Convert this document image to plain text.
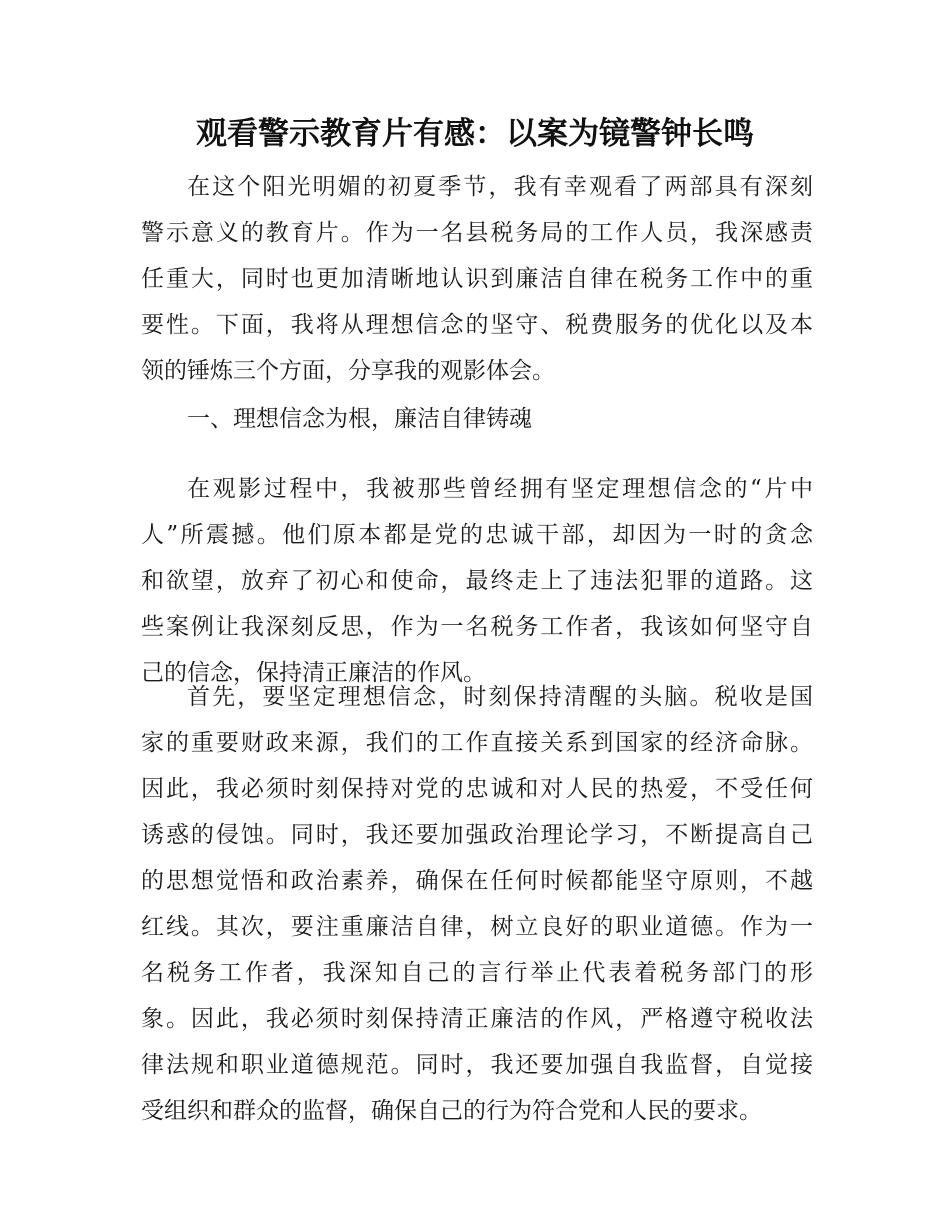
观看警示教育片有感：以案为镜警钟长鸣
在这个阳光明媚的初夏季节，我有幸观看了两部具有深刻
警示意义的教育片。作为一名县税务局的工作人员，我深感责
任重大，同时也更加清晰地认识到廉洁自律在税务工作中的重
要性。下面，我将从理想信念的坚守、税费服务的优化以及本
领的锤炼三个方面，分享我的观影体会。
一、理想信念为根，廉洁自律铸魂
在观影过程中，我被那些曾经拥有坚定理想信念的“片中
人”所震撼。他们原本都是党的忠诚干部，却因为一时的贪念
和欲望，放弃了初心和使命，最终走上了违法犯罪的道路。这
些案例让我深刻反思，作为一名税务工作者，我该如何坚守自
己的信念，保持清正廉洁的作风。
首先，要坚定理想信念，时刻保持清醒的头脑。税收是国
家的重要财政来源，我们的工作直接关系到国家的经济命脉。
因此，我必须时刻保持对党的忠诚和对人民的热爱，不受任何
诱惑的侵蚀。同时，我还要加强政治理论学习，不断提高自己
的思想觉悟和政治素养，确保在任何时候都能坚守原则，不越
红线。其次，要注重廉洁自律，树立良好的职业道德。作为一
名税务工作者，我深知自己的言行举止代表着税务部门的形
象。因此，我必须时刻保持清正廉洁的作风，严格遵守税收法
律法规和职业道德规范。同时，我还要加强自我监督，自觉接
受组织和群众的监督，确保自己的行为符合党和人民的要求。
